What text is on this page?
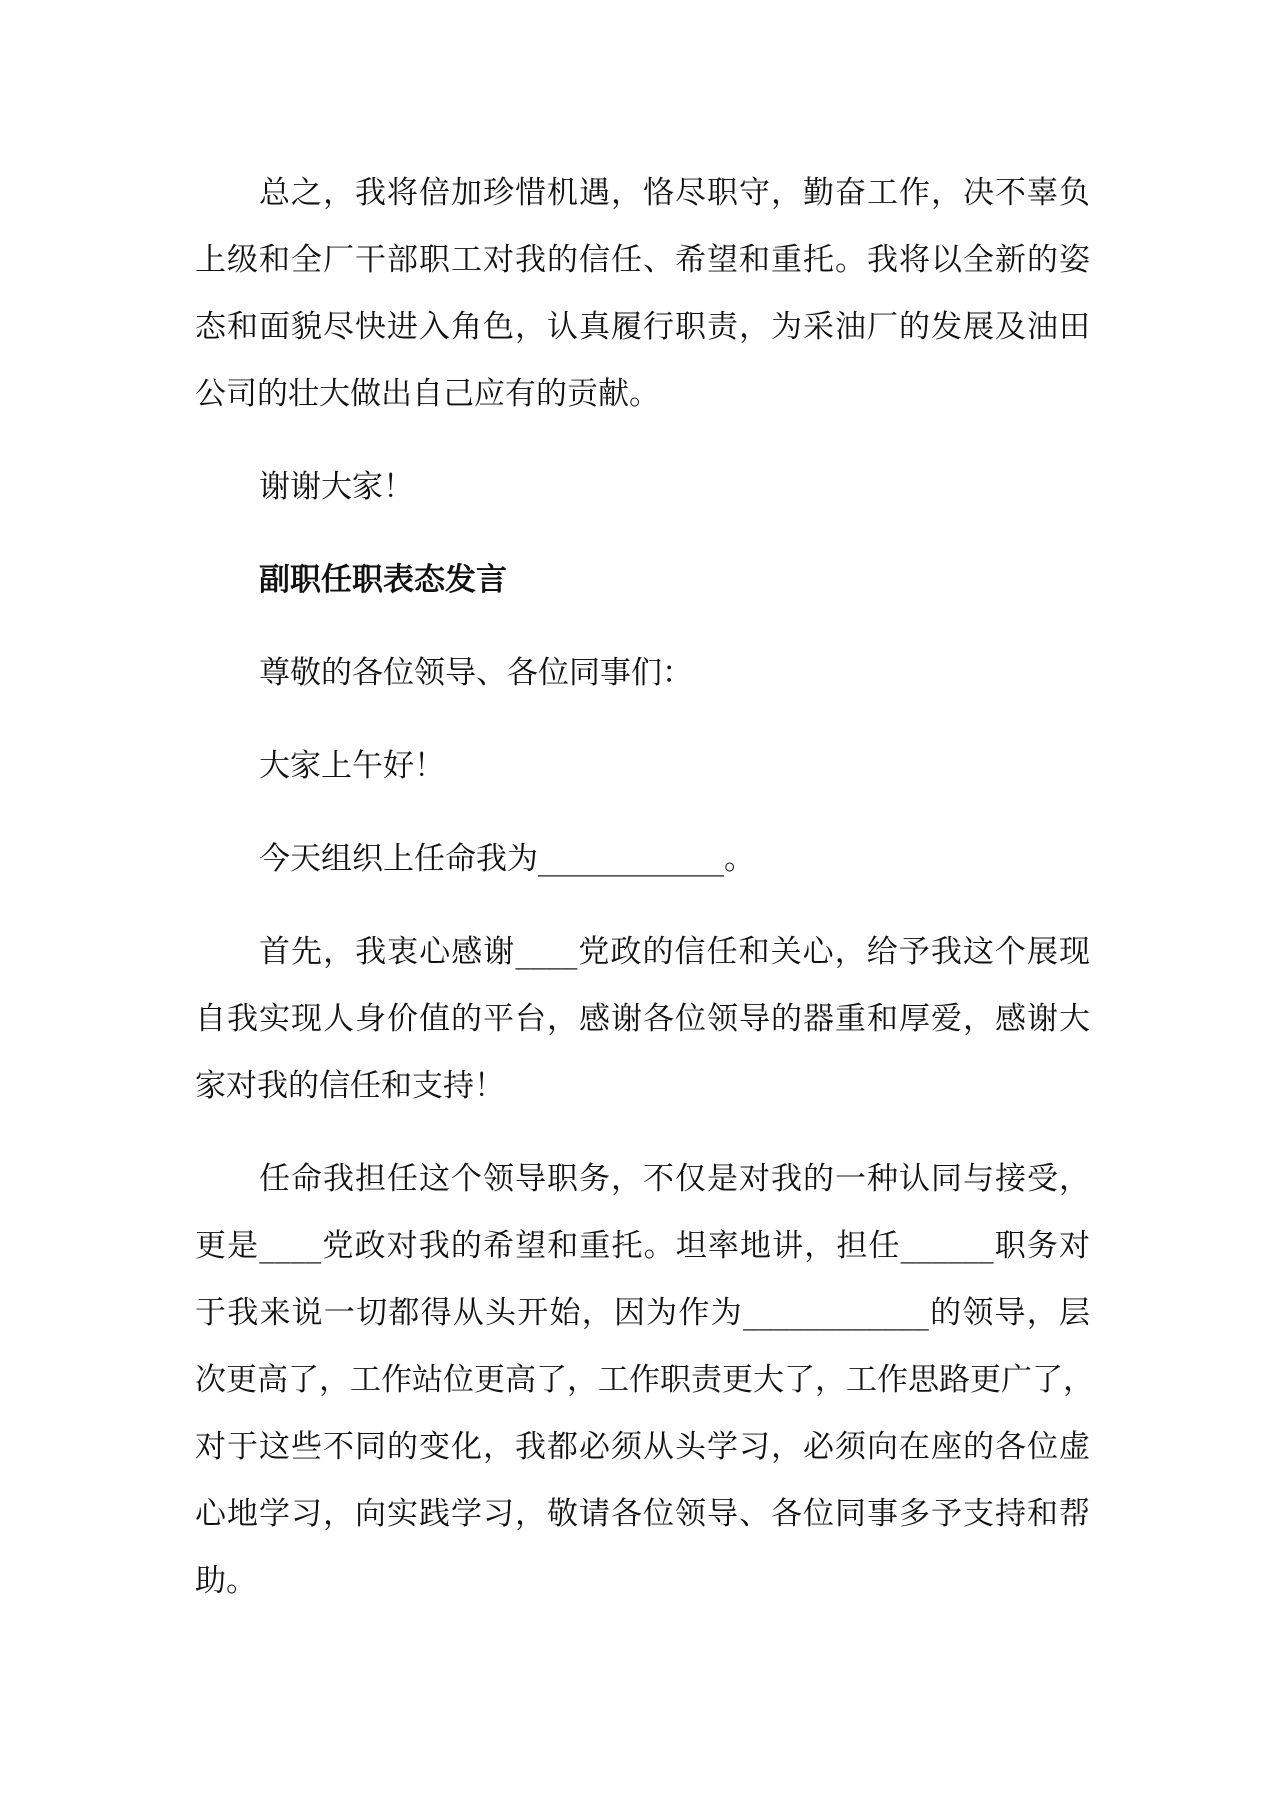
总之，我将倍加珍惜机遇，恪尽职守，勤奋工作，决不辜负
上级和全厂干部职工对我的信任、希望和重托。我将以全新的姿
态和面貌尽快进入角色，认真履行职责，为采油厂的发展及油田
公司的壮大做出自己应有的贡献。
谢谢大家！
副职任职表态发言
尊敬的各位领导、各位同事们：
大家上午好！
今天组织上任命我为____________。
首先，我衷心感谢____党政的信任和关心，给予我这个展现
自我实现人身价值的平台，感谢各位领导的器重和厚爱，感谢大
家对我的信任和支持！
任命我担任这个领导职务，不仅是对我的一种认同与接受，
更是____党政对我的希望和重托。坦率地讲，担任______职务对
于我来说一切都得从头开始，因为作为____________的领导，层
次更高了，工作站位更高了，工作职责更大了，工作思路更广了，
对于这些不同的变化，我都必须从头学习，必须向在座的各位虚
心地学习，向实践学习，敬请各位领导、各位同事多予支持和帮
助。
